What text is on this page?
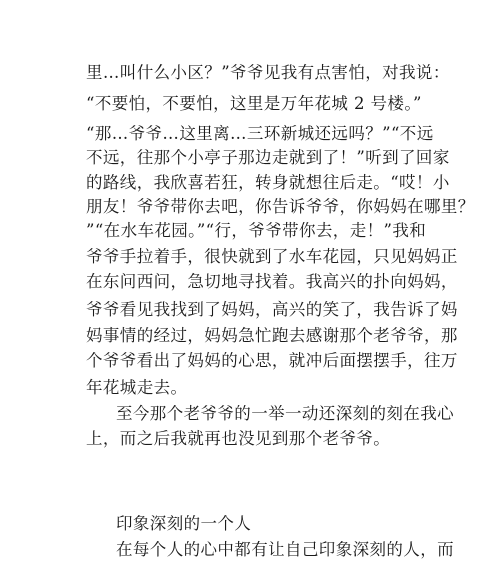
里…叫什么小区？”爷爷见我有点害怕，对我说：
“不要怕，不要怕，这里是万年花城 2 号楼。”
“那…爷爷…这里离…三环新城还远吗？”“不远
不远，往那个小亭子那边走就到了！”听到了回家
的路线，我欣喜若狂，转身就想往后走。“哎！小
朋友！爷爷带你去吧，你告诉爷爷，你妈妈在哪里？
”“在水车花园。”“行，爷爷带你去，走！”我和
爷爷手拉着手，很快就到了水车花园，只见妈妈正
在东问西问，急切地寻找着。我高兴的扑向妈妈，
爷爷看见我找到了妈妈，高兴的笑了，我告诉了妈
妈事情的经过，妈妈急忙跑去感谢那个老爷爷，那
个爷爷看出了妈妈的心思，就冲后面摆摆手，往万
年花城走去。
至今那个老爷爷的一举一动还深刻的刻在我心
上，而之后我就再也没见到那个老爷爷。
印象深刻的一个人
在每个人的心中都有让自己印象深刻的人，而
